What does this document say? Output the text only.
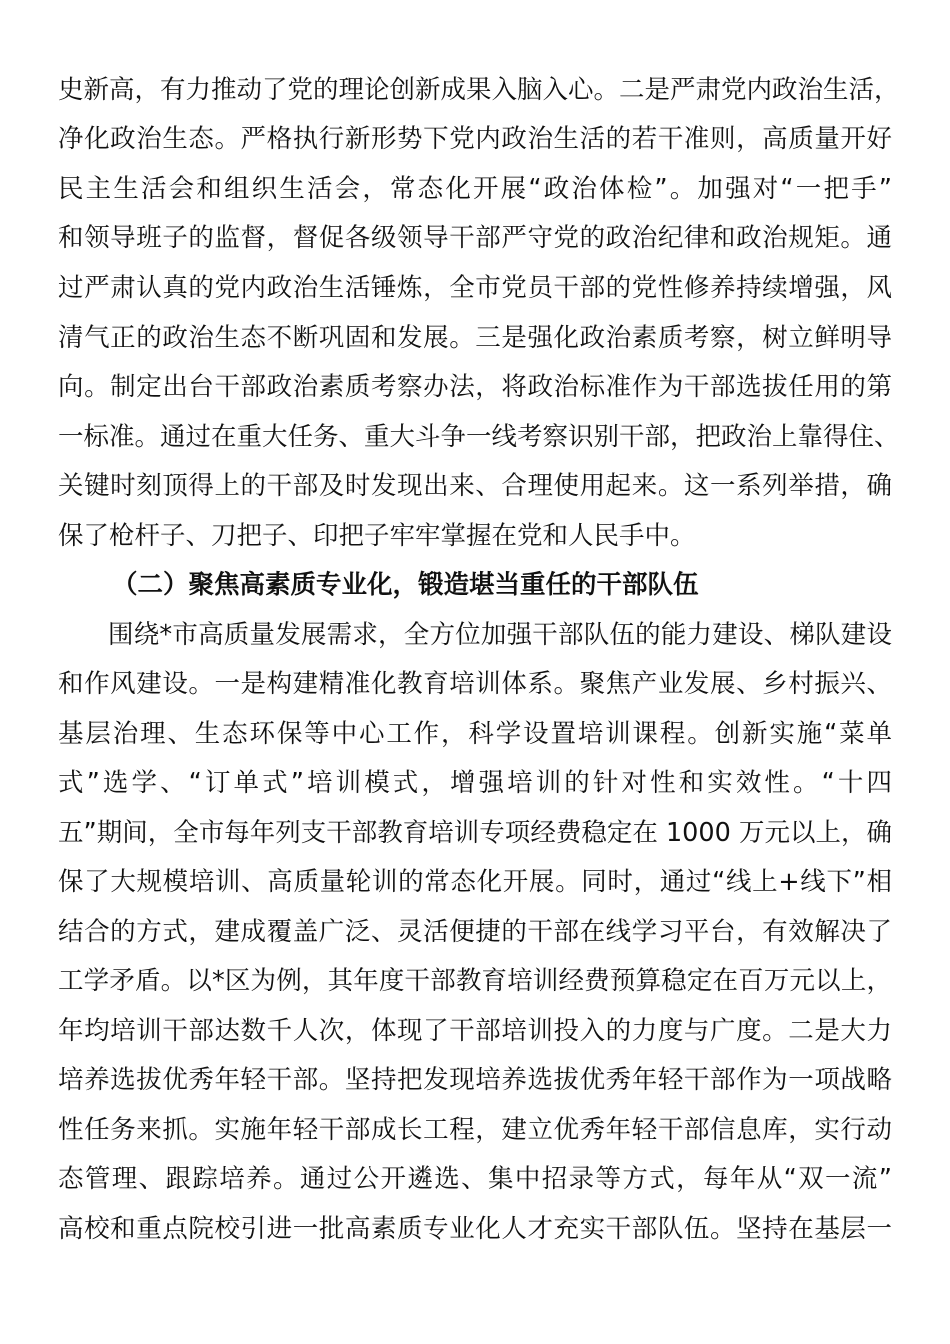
史新高，有力推动了党的理论创新成果入脑入心。二是严肃党内政治生活，
净化政治生态。严格执行新形势下党内政治生活的若干准则，高质量开好
民主生活会和组织生活会，常态化开展“政治体检”。加强对“一把手”
和领导班子的监督，督促各级领导干部严守党的政治纪律和政治规矩。通
过严肃认真的党内政治生活锤炼，全市党员干部的党性修养持续增强，风
清气正的政治生态不断巩固和发展。三是强化政治素质考察，树立鲜明导
向。制定出台干部政治素质考察办法，将政治标准作为干部选拔任用的第
一标准。通过在重大任务、重大斗争一线考察识别干部，把政治上靠得住、
关键时刻顶得上的干部及时发现出来、合理使用起来。这一系列举措，确
保了枪杆子、刀把子、印把子牢牢掌握在党和人民手中。
（二）聚焦高素质专业化，锻造堪当重任的干部队伍
围绕*市高质量发展需求，全方位加强干部队伍的能力建设、梯队建设
和作风建设。一是构建精准化教育培训体系。聚焦产业发展、乡村振兴、
基层治理、生态环保等中心工作，科学设置培训课程。创新实施“菜单
式”选学、“订单式”培训模式，增强培训的针对性和实效性。“十四
五”期间，全市每年列支干部教育培训专项经费稳定在 1000 万元以上，确
保了大规模培训、高质量轮训的常态化开展。同时，通过“线上+线下”相
结合的方式，建成覆盖广泛、灵活便捷的干部在线学习平台，有效解决了
工学矛盾。以*区为例，其年度干部教育培训经费预算稳定在百万元以上，
年均培训干部达数千人次，体现了干部培训投入的力度与广度。二是大力
培养选拔优秀年轻干部。坚持把发现培养选拔优秀年轻干部作为一项战略
性任务来抓。实施年轻干部成长工程，建立优秀年轻干部信息库，实行动
态管理、跟踪培养。通过公开遴选、集中招录等方式，每年从“双一流”
高校和重点院校引进一批高素质专业化人才充实干部队伍。坚持在基层一
